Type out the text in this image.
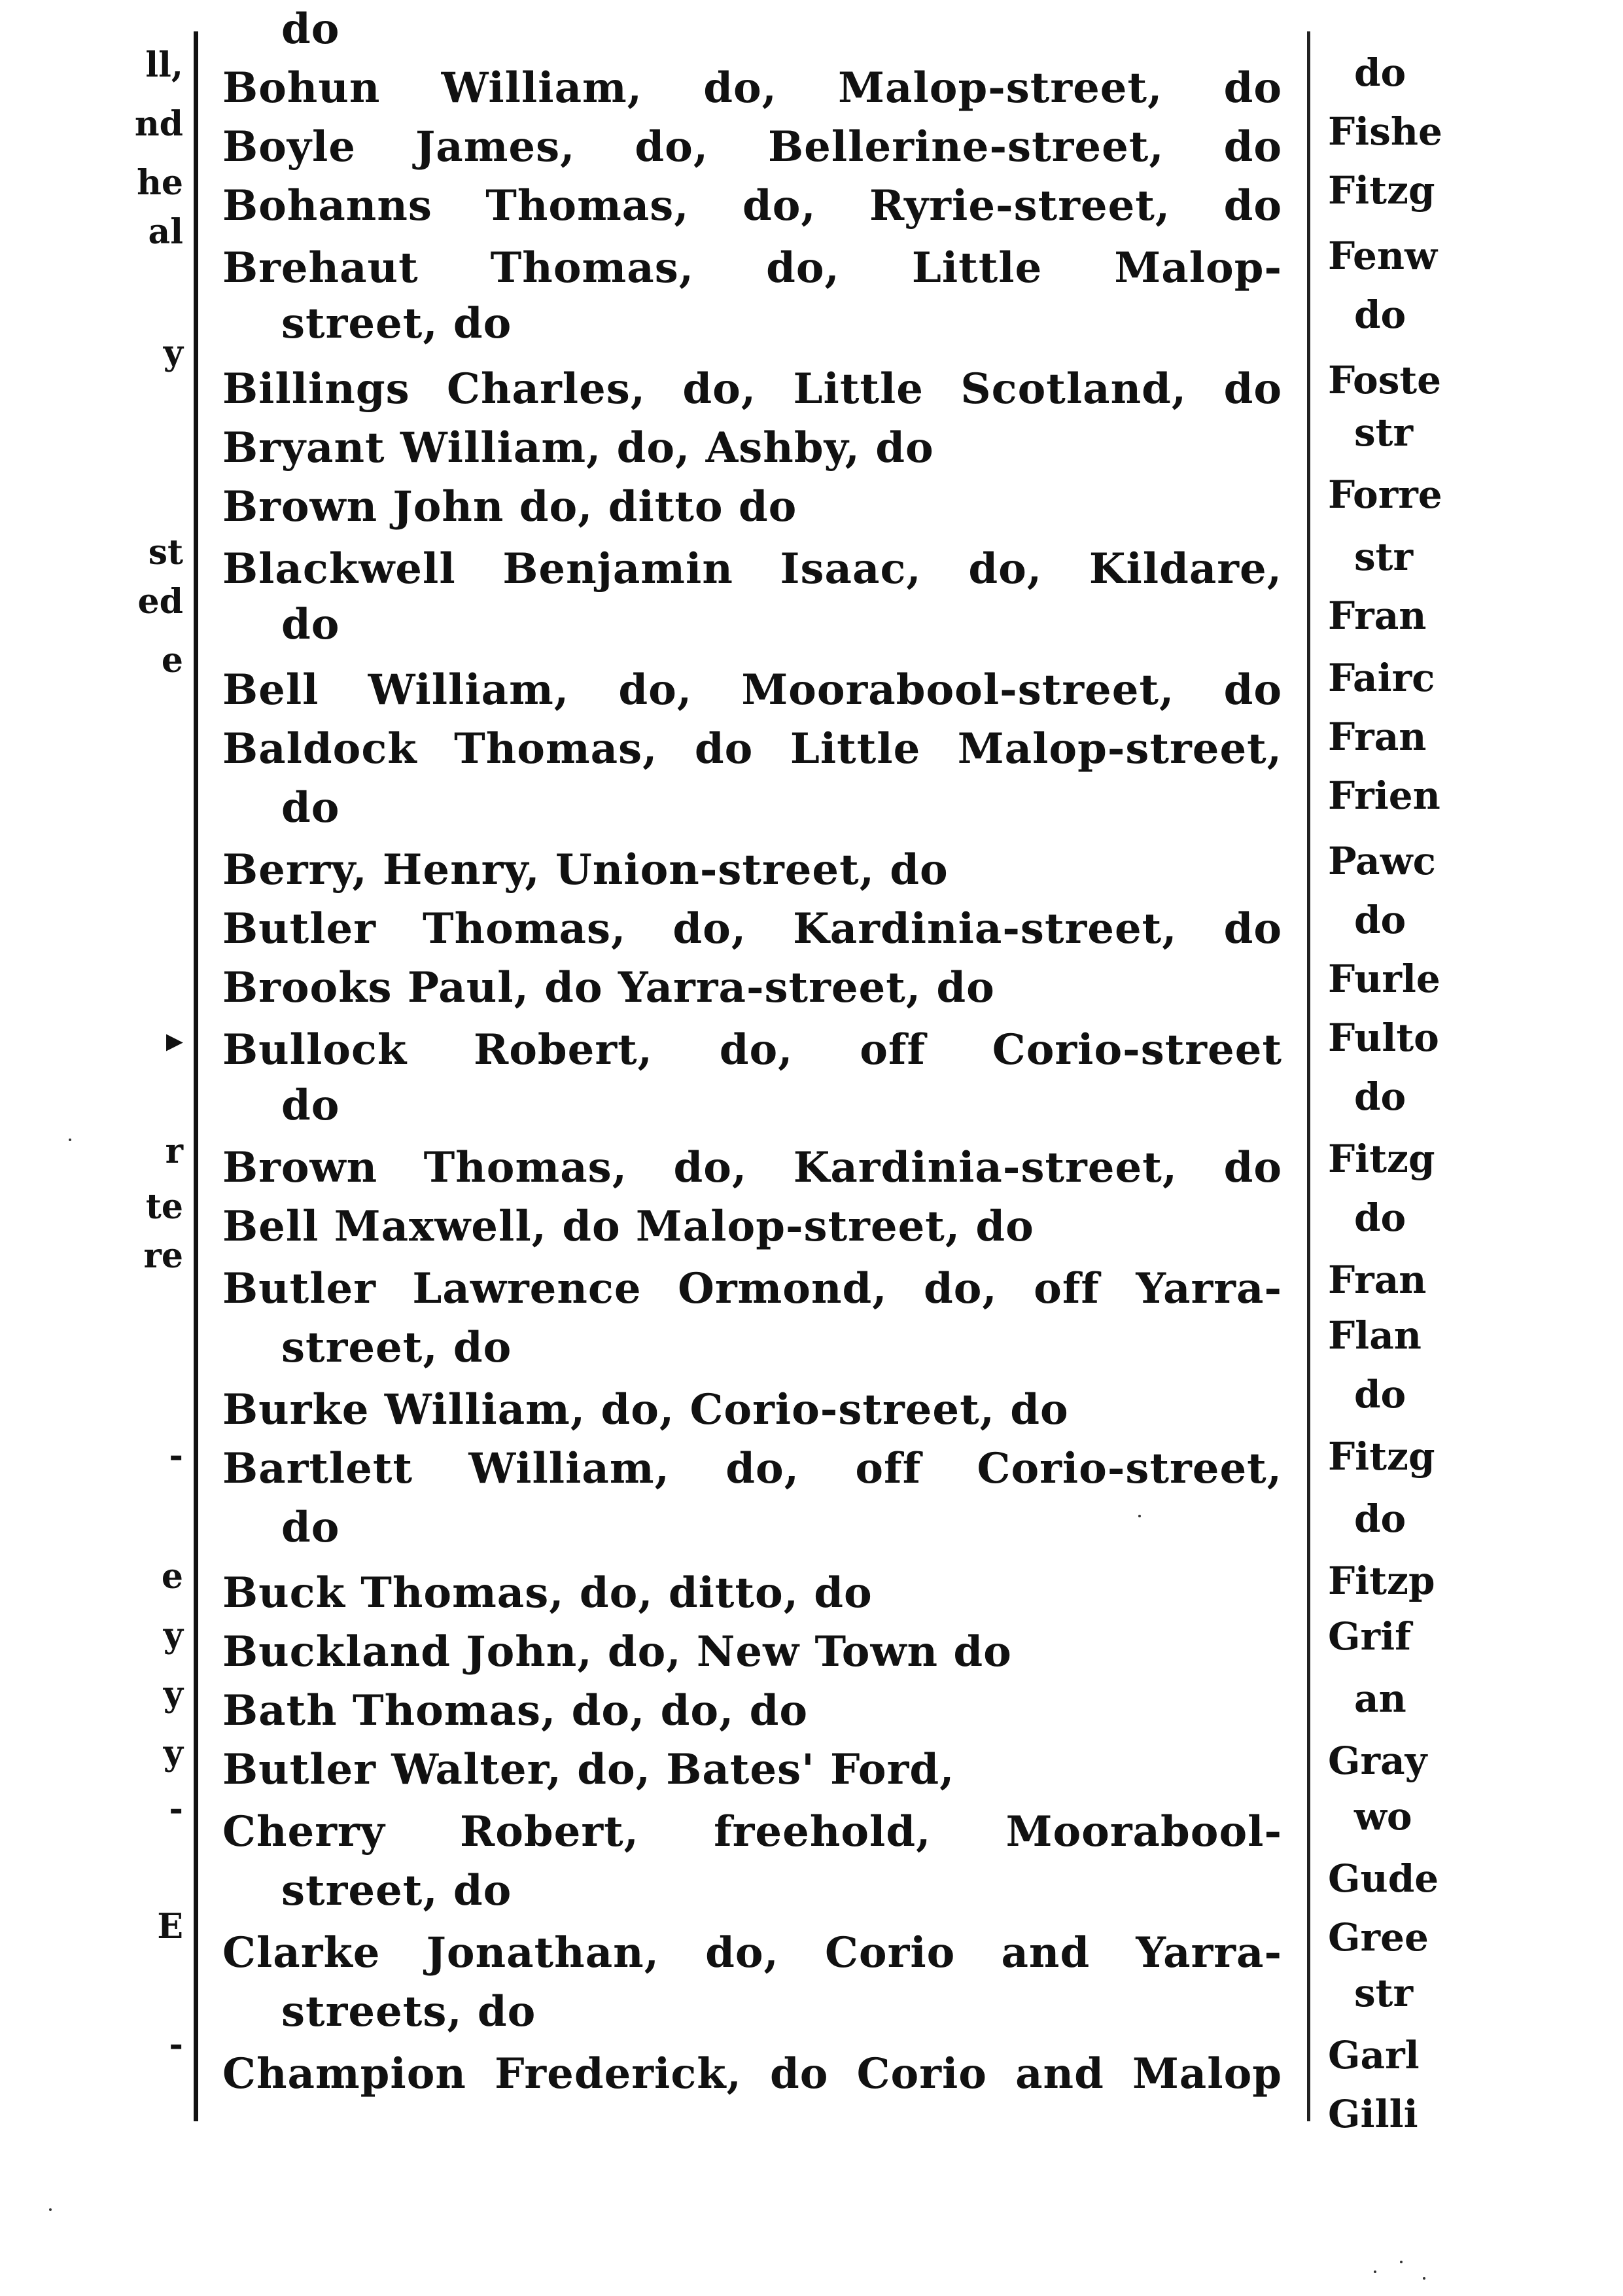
ll,
nd
he
al
y
st
ed
e
▸
r
te
re
-
e
y
y
y
-
E
-
do
Bohun William, do, Malop-street, do
Boyle James, do, Bellerine-street, do
Bohanns Thomas, do, Ryrie-street, do
Brehaut Thomas, do, Little Malop-
street, do
Billings Charles, do, Little Scotland, do
Bryant William, do, Ashby, do
Brown John do, ditto do
Blackwell Benjamin Isaac, do, Kildare,
do
Bell William, do, Moorabool-street, do
Baldock Thomas, do Little Malop-street,
do
Berry, Henry, Union-street, do
Butler Thomas, do, Kardinia-street, do
Brooks Paul, do Yarra-street, do
Bullock Robert, do, off Corio-street
do
Brown Thomas, do, Kardinia-street, do
Bell Maxwell, do Malop-street, do
Butler Lawrence Ormond, do, off Yarra-
street, do
Burke William, do, Corio-street, do
Bartlett William, do, off Corio-street,
do
Buck Thomas, do, ditto, do
Buckland John, do, New Town do
Bath Thomas, do, do, do
Butler Walter, do, Bates' Ford,
Cherry Robert, freehold, Moorabool-
street, do
Clarke Jonathan, do, Corio and Yarra-
streets, do
Champion Frederick, do Corio and Malop
do
Fishe
Fitzg
Fenw
do
Foste
str
Forre
str
Fran
Fairc
Fran
Frien
Pawc
do
Furle
Fulto
do
Fitzg
do
Fran
Flan
do
Fitzg
do
Fitzp
Grif
an
Gray
wo
Gude
Gree
str
Garl
Gilli
